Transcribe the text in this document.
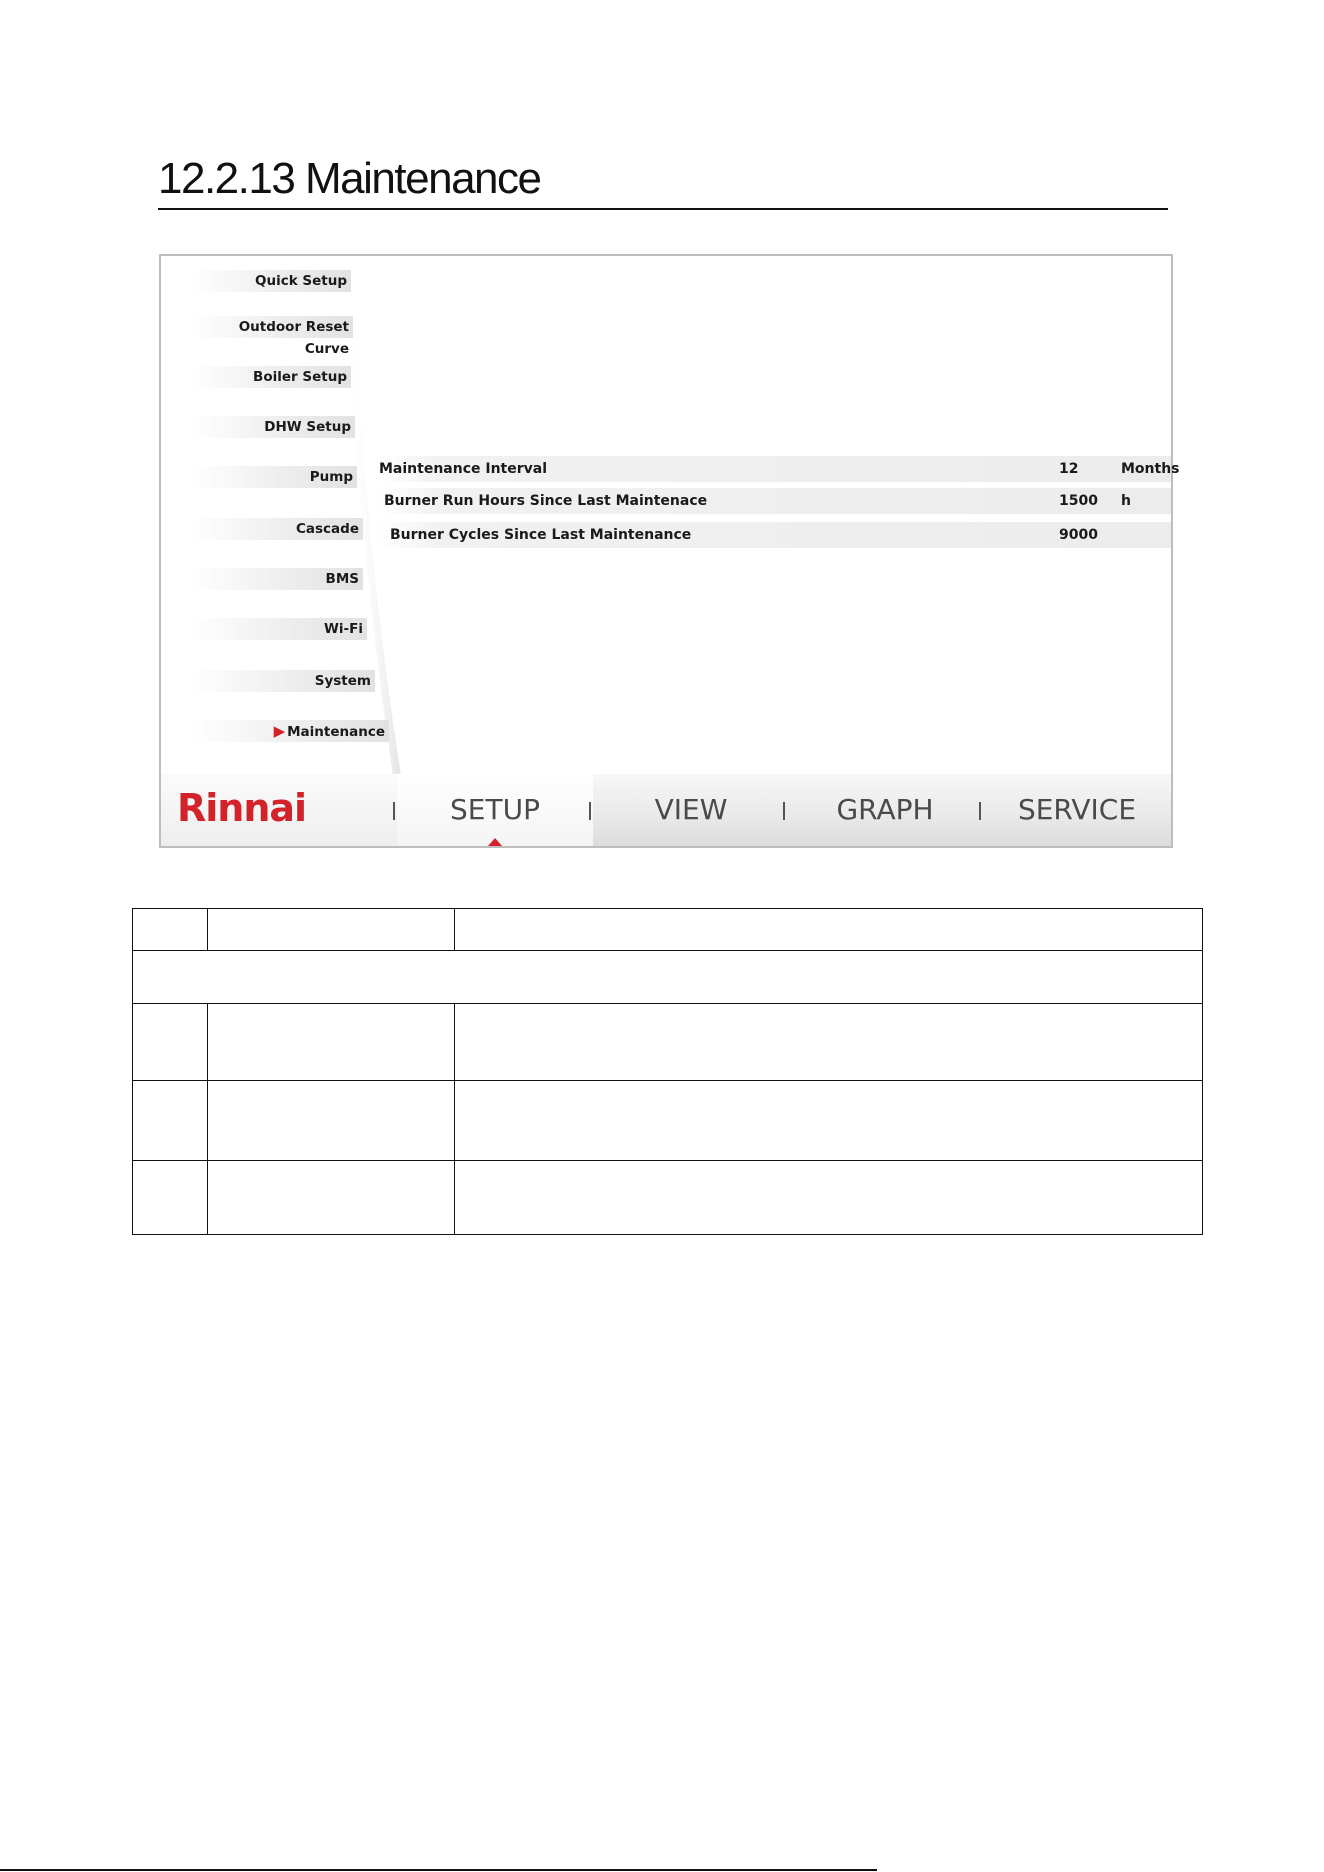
12.2.13 Maintenance
Quick Setup
Outdoor Reset Curve
Boiler Setup
DHW Setup
Pump
Cascade
BMS
Wi-Fi
System
▶ Maintenance
Maintenance Interval	12	Months
Burner Run Hours Since Last Maintenace	1500 h
Burner Cycles Since Last Maintenance	9000
Rinnai	SETUP	VIEW	GRAPH	SERVICE
